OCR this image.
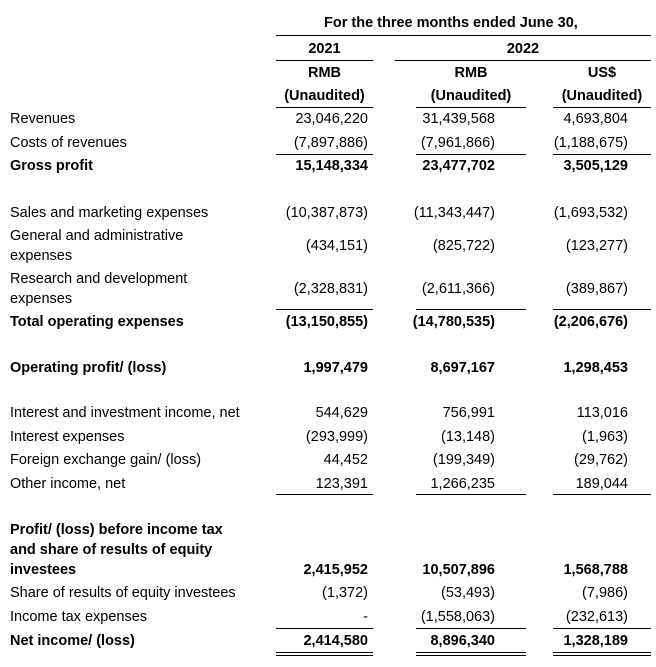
For the three months ended June 30,
2021	2022
RMB	RMB	US$
(Unaudited)	(Unaudited)	(Unaudited)
Revenues	23,046,220	31,439,568	4,693,804
Costs of revenues	(7,897,886)	(7,961,866)	(1,188,675)
Gross profit	15,148,334	23,477,702	3,505,129
Sales and marketing expenses	(10,387,873)	(11,343,447)	(1,693,532)
General and administrative
expenses
(434,151)	(825,722)	(123,277)
Research and development
expenses
(2,328,831)	(2,611,366)	(389,867)
Total operating expenses	(13,150,855)	(14,780,535)	(2,206,676)
Operating profit/ (loss)	1,997,479	8,697,167	1,298,453
Interest and investment income, net	544,629	756,991	113,016
Interest expenses	(293,999)	(13,148)	(1,963)
Foreign exchange gain/ (loss)	44,452	(199,349)	(29,762)
Other income, net	123,391	1,266,235	189,044
Profit/ (loss) before income tax
and share of results of equity
investees	2,415,952	10,507,896	1,568,788
Share of results of equity investees	(1,372)	(53,493)	(7,986)
Income tax expenses	-	(1,558,063)	(232,613)
Net income/ (loss)	2,414,580	8,896,340	1,328,189
